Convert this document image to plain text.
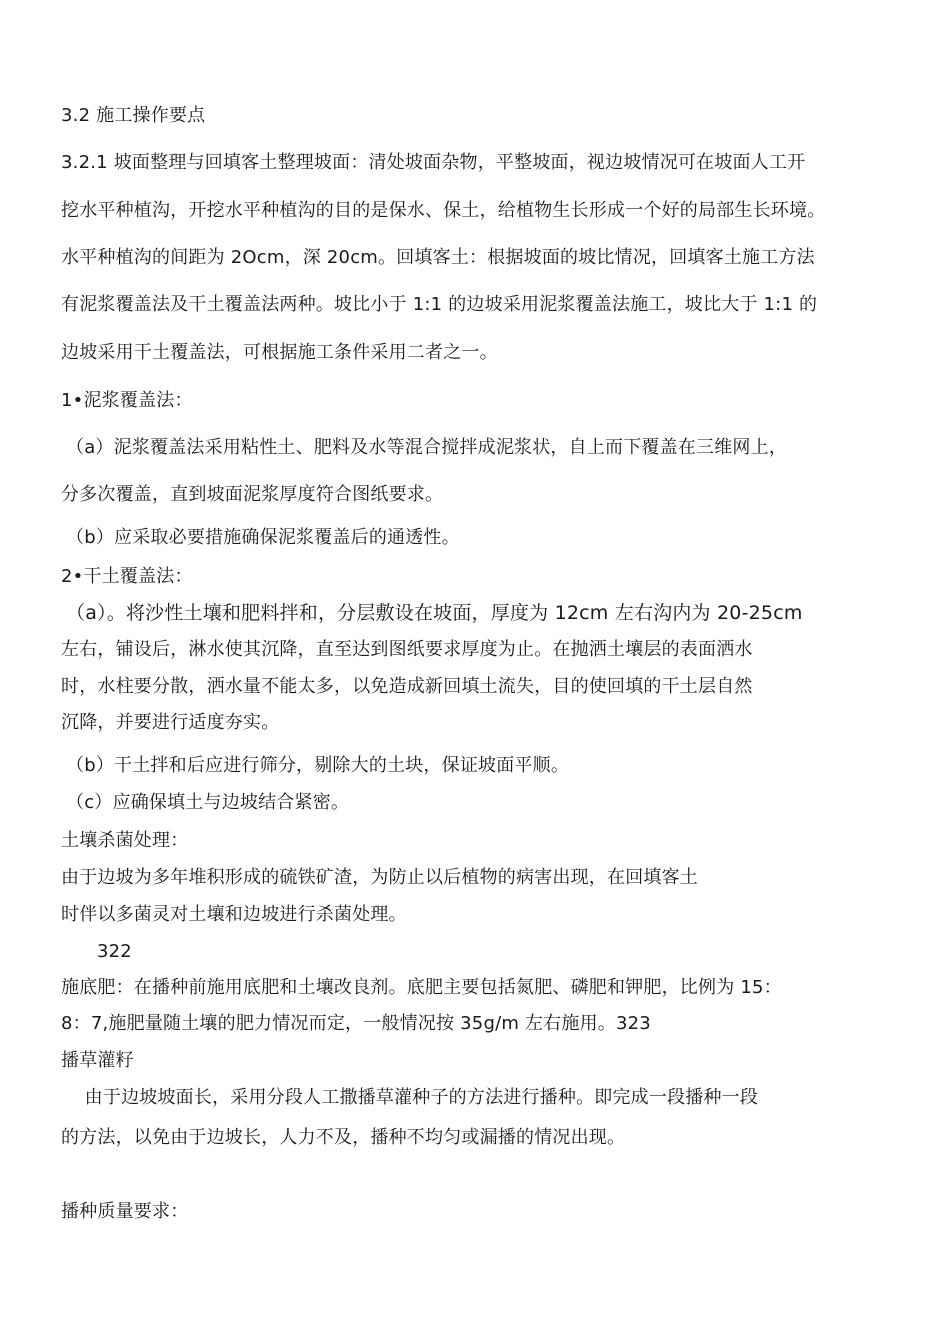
3.2 施工操作要点
3.2.1 坡面整理与回填客土整理坡面：清处坡面杂物，平整坡面，视边坡情况可在坡面人工开
挖水平种植沟，开挖水平种植沟的目的是保水、保土，给植物生长形成一个好的局部生长环境。
水平种植沟的间距为 2Ocm，深 20cm。回填客土：根据坡面的坡比情况，回填客土施工方法
有泥浆覆盖法及干土覆盖法两种。坡比小于 1:1 的边坡采用泥浆覆盖法施工，坡比大于 1:1 的
边坡采用干土覆盖法，可根据施工条件采用二者之一。
1•泥浆覆盖法：
（a）泥浆覆盖法采用粘性土、肥料及水等混合搅拌成泥浆状，自上而下覆盖在三维网上，
分多次覆盖，直到坡面泥浆厚度符合图纸要求。
（b）应采取必要措施确保泥浆覆盖后的通透性。
2•干土覆盖法：
（a）。将沙性土壤和肥料拌和，分层敷设在坡面，厚度为 12cm 左右沟内为 20-25cm
左右，铺设后，淋水使其沉降，直至达到图纸要求厚度为止。在抛洒土壤层的表面洒水
时，水柱要分散，洒水量不能太多，以免造成新回填土流失，目的使回填的干土层自然
沉降，并要进行适度夯实。
（b）干土拌和后应进行筛分，剔除大的土块，保证坡面平顺。
（c）应确保填土与边坡结合紧密。
土壤杀菌处理：
由于边坡为多年堆积形成的硫铁矿渣，为防止以后植物的病害出现，在回填客土
时伴以多菌灵对土壤和边坡进行杀菌处理。
322
施底肥：在播种前施用底肥和土壤改良剂。底肥主要包括氮肥、磷肥和钾肥，比例为 15：
8：7,施肥量随土壤的肥力情况而定，一般情况按 35g/m 左右施用。323
播草灌籽
由于边坡坡面长，采用分段人工撒播草灌种子的方法进行播种。即完成一段播种一段
的方法，以免由于边坡长，人力不及，播种不均匀或漏播的情况出现。
播种质量要求：
